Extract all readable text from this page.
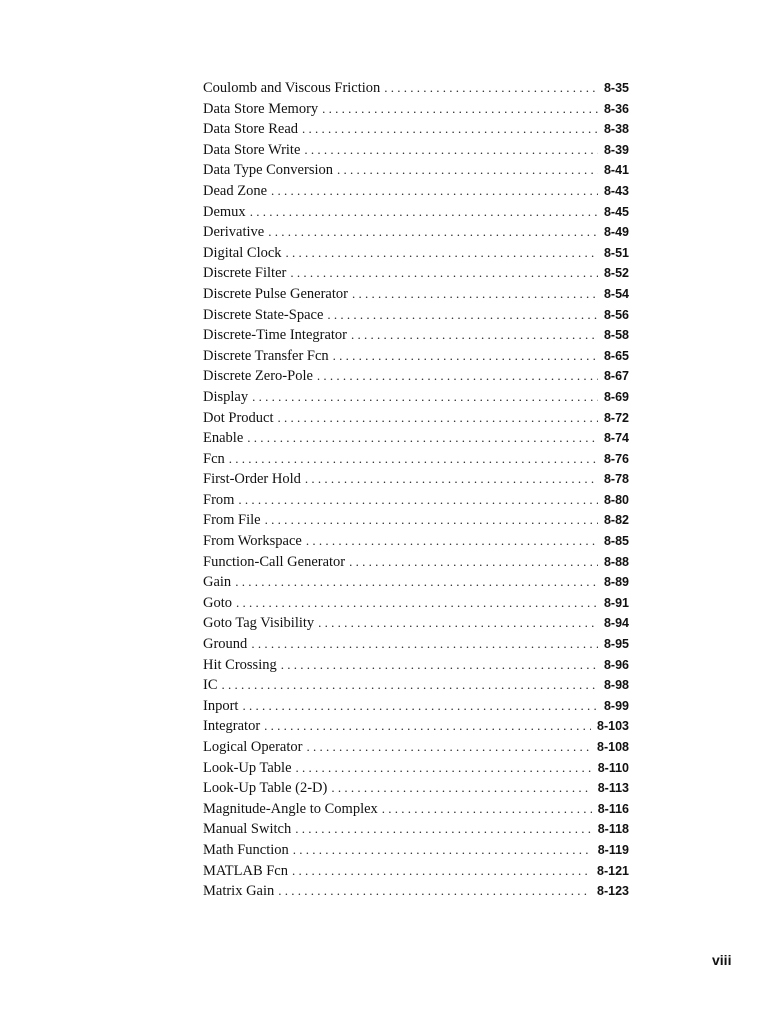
Coulomb and Viscous Friction . . .	8-35
Data Store Memory . . .	8-36
Data Store Read . . .	8-38
Data Store Write . . .	8-39
Data Type Conversion . . .	8-41
Dead Zone . . .	8-43
Demux . . .	8-45
Derivative . . .	8-49
Digital Clock . . .	8-51
Discrete Filter . . .	8-52
Discrete Pulse Generator . . .	8-54
Discrete State-Space . . .	8-56
Discrete-Time Integrator . . .	8-58
Discrete Transfer Fcn . . .	8-65
Discrete Zero-Pole . . .	8-67
Display . . .	8-69
Dot Product . . .	8-72
Enable . . .	8-74
Fcn . . .	8-76
First-Order Hold . . .	8-78
From . . .	8-80
From File . . .	8-82
From Workspace . . .	8-85
Function-Call Generator . . .	8-88
Gain . . .	8-89
Goto . . .	8-91
Goto Tag Visibility . . .	8-94
Ground . . .	8-95
Hit Crossing . . .	8-96
IC . . .	8-98
Inport . . .	8-99
Integrator . . .	8-103
Logical Operator . . .	8-108
Look-Up Table . . .	8-110
Look-Up Table (2-D) . . .	8-113
Magnitude-Angle to Complex . . .	8-116
Manual Switch . . .	8-118
Math Function . . .	8-119
MATLAB Fcn . . .	8-121
Matrix Gain . . .	8-123
viii
